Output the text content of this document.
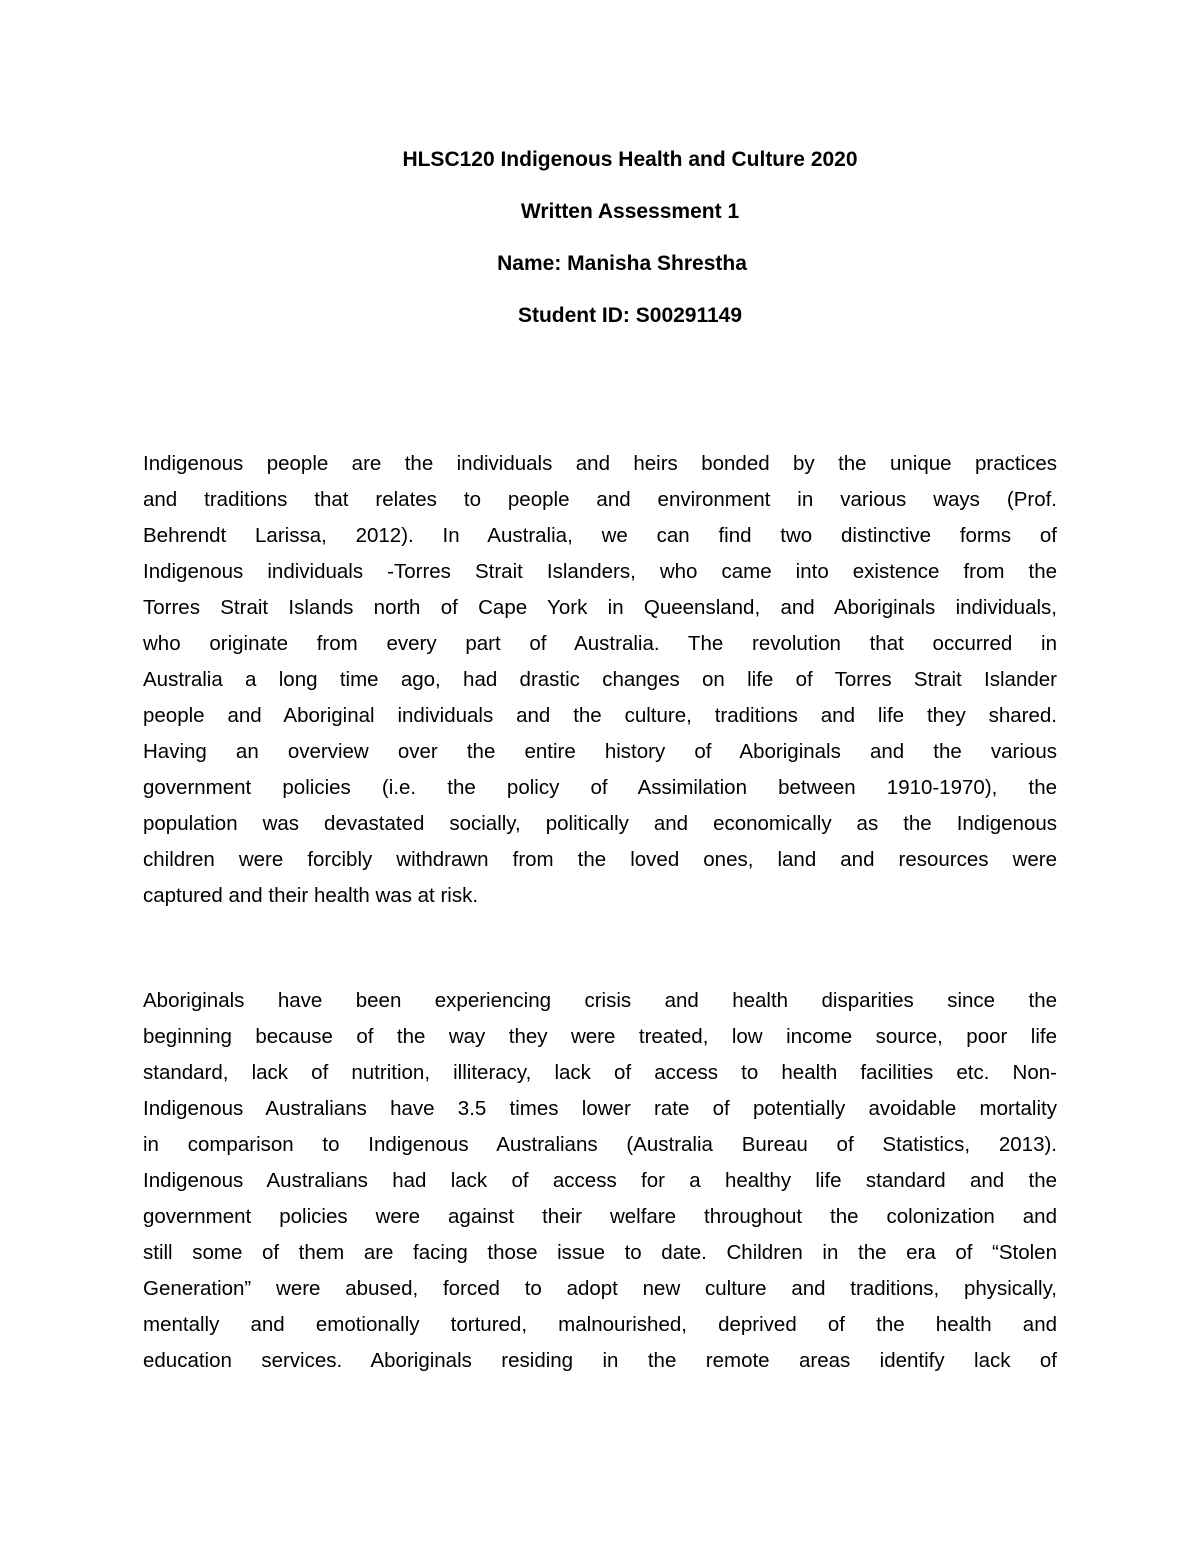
HLSC120 Indigenous Health and Culture 2020
Written Assessment 1
Name: Manisha Shrestha
Student ID: S00291149
Indigenous people are the individuals and heirs bonded by the unique practices
and traditions that relates to people and environment in various ways (Prof.
Behrendt Larissa, 2012). In Australia, we can find two distinctive forms of
Indigenous individuals -Torres Strait Islanders, who came into existence from the
Torres Strait Islands north of Cape York in Queensland, and Aboriginals individuals,
who originate from every part of Australia. The revolution that occurred in
Australia a long time ago, had drastic changes on life of Torres Strait Islander
people and Aboriginal individuals and the culture, traditions and life they shared.
Having an overview over the entire history of Aboriginals and the various
government policies (i.e. the policy of Assimilation between 1910-1970), the
population was devastated socially, politically and economically as the Indigenous
children were forcibly withdrawn from the loved ones, land and resources were
captured and their health was at risk.
Aboriginals have been experiencing crisis and health disparities since the
beginning because of the way they were treated, low income source, poor life
standard, lack of nutrition, illiteracy, lack of access to health facilities etc. Non-
Indigenous Australians have 3.5 times lower rate of potentially avoidable mortality
in comparison to Indigenous Australians (Australia Bureau of Statistics, 2013).
Indigenous Australians had lack of access for a healthy life standard and the
government policies were against their welfare throughout the colonization and
still some of them are facing those issue to date. Children in the era of “Stolen
Generation” were abused, forced to adopt new culture and traditions, physically,
mentally and emotionally tortured, malnourished, deprived of the health and
education services. Aboriginals residing in the remote areas identify lack of
